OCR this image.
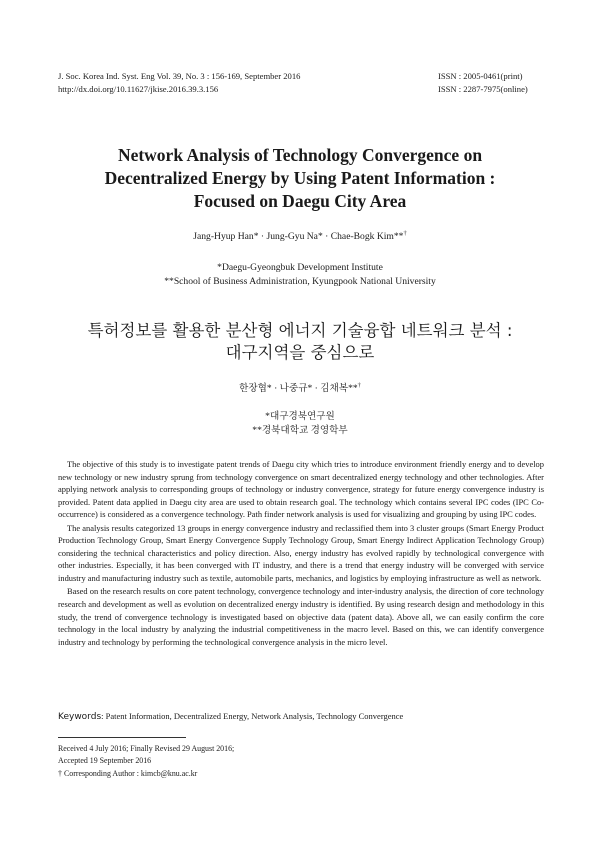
J. Soc. Korea Ind. Syst. Eng Vol. 39, No. 3 : 156-169, September 2016
http://dx.doi.org/10.11627/jkise.2016.39.3.156
ISSN : 2005-0461(print)
ISSN : 2287-7975(online)
Network Analysis of Technology Convergence on
Decentralized Energy by Using Patent Information :
Focused on Daegu City Area
Jang-Hyup Han* · Jung-Gyu Na* · Chae-Bogk Kim**†
*Daegu-Gyeongbuk Development Institute
**School of Business Administration, Kyungpook National University
특허정보를 활용한 분산형 에너지 기술융합 네트워크 분석 :
대구지역을 중심으로
한장협* · 나중규* · 김채복**†
*대구경북연구원
**경북대학교 경영학부

The objective of this study is to investigate patent trends of Daegu city which tries to introduce environment friendly energy and to develop new technology or new industry sprung from technology convergence on smart decentralized energy technology and other technologies. After applying network analysis to corresponding groups of technology or industry convergence, strategy for future energy convergence industry is provided. Patent data applied in Daegu city area are used to obtain research goal. The technology which contains several IPC codes (IPC Co-occurrence) is considered as a convergence technology. Path finder network analysis is used for visualizing and grouping by using IPC codes.

The analysis results categorized 13 groups in energy convergence industry and reclassified them into 3 cluster groups (Smart Energy Product Production Technology Group, Smart Energy Convergence Supply Technology Group, Smart Energy Indirect Application Technology Group) considering the technical characteristics and policy direction. Also, energy industry has evolved rapidly by technological convergence with other industries. Especially, it has been converged with IT industry, and there is a trend that energy industry will be converged with service industry and manufacturing industry such as textile, automobile parts, mechanics, and logistics by employing infrastructure as well as network.

Based on the research results on core patent technology, convergence technology and inter-industry analysis, the direction of core technology research and development as well as evolution on decentralized energy industry is identified. By using research design and methodology in this study, the trend of convergence technology is investigated based on objective data (patent data). Above all, we can easily confirm the core technology in the local industry by analyzing the industrial competitiveness in the macro level. Based on this, we can identify convergence industry and technology by performing the technological convergence analysis in the micro level.

Keywords: Patent Information, Decentralized Energy, Network Analysis, Technology Convergence
Received 4 July 2016; Finally Revised 29 August 2016;
Accepted 19 September 2016
† Corresponding Author : kimcb@knu.ac.kr
